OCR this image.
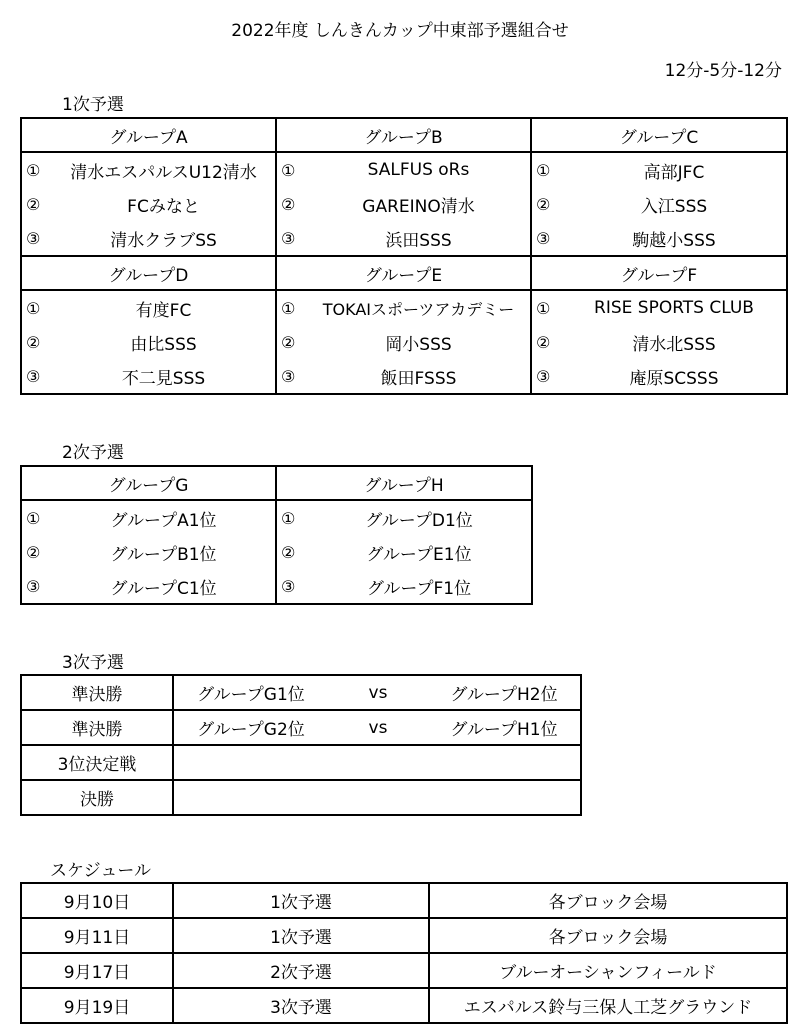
2022年度 しんきんカップ中東部予選組合せ
12分-5分-12分
1次予選
グループA	グループB	グループC

① 清水エスパルスU12清水	① SALFUS oRs	① 高部JFC

② FCみなと	② GAREINO清水	② 入江SSS

③ 清水クラブSS	③ 浜田SSS	③ 駒越小SSS

グループD	グループE	グループF

① 有度FC	① TOKAIスポーツアカデミー	① RISE SPORTS CLUB

② 由比SSS	② 岡小SSS	② 清水北SSS

③ 不二見SSS	③ 飯田FSSS	③ 庵原SCSSS
2次予選
グループG	グループH

① グループA1位	① グループD1位

② グループB1位	② グループE1位

③ グループC1位	③ グループF1位
3次予選
準決勝	グループG1位	vs	グループH2位
準決勝	グループG2位	vs	グループH1位
3位決定戦			
決勝			
スケジュール
9月10日	1次予選	各ブロック会場
9月11日	1次予選	各ブロック会場
9月17日	2次予選	ブルーオーシャンフィールド
9月19日	3次予選	エスパルス鈴与三保人工芝グラウンド
